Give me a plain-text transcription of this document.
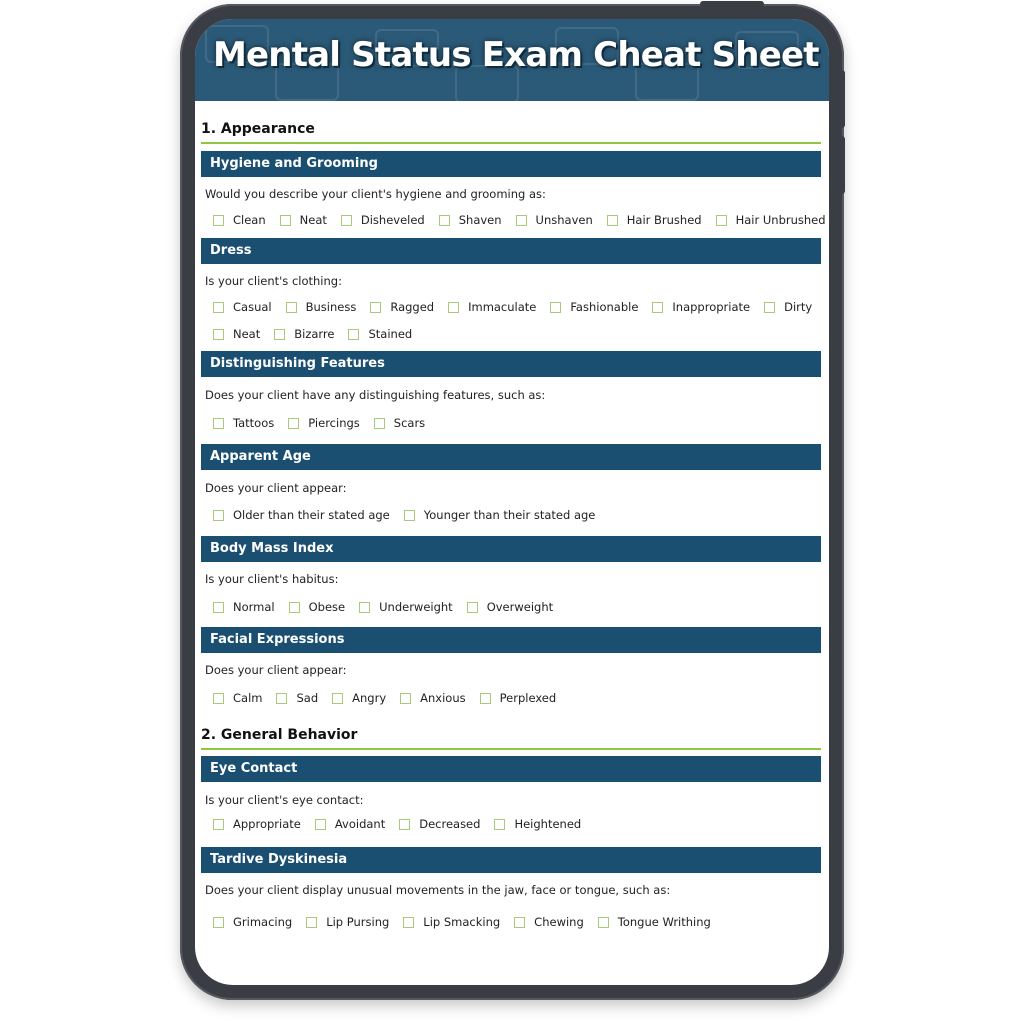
Mental Status Exam Cheat Sheet
1. Appearance
Hygiene and Grooming
Would you describe your client's hygiene and grooming as:
Clean	Neat	Disheveled	Shaven	Unshaven	Hair Brushed	Hair Unbrushed
Dress
Is your client's clothing:
Casual	Business	Ragged	Immaculate	Fashionable	Inappropriate	Dirty
Neat	Bizarre	Stained
Distinguishing Features
Does your client have any distinguishing features, such as:
Tattoos	Piercings	Scars
Apparent Age
Does your client appear:
Older than their stated age	Younger than their stated age
Body Mass Index
Is your client's habitus:
Normal	Obese	Underweight	Overweight
Facial Expressions
Does your client appear:
Calm	Sad	Angry	Anxious	Perplexed
2. General Behavior
Eye Contact
Is your client's eye contact:
Appropriate	Avoidant	Decreased	Heightened
Tardive Dyskinesia
Does your client display unusual movements in the jaw, face or tongue, such as:
Grimacing	Lip Pursing	Lip Smacking	Chewing	Tongue Writhing
